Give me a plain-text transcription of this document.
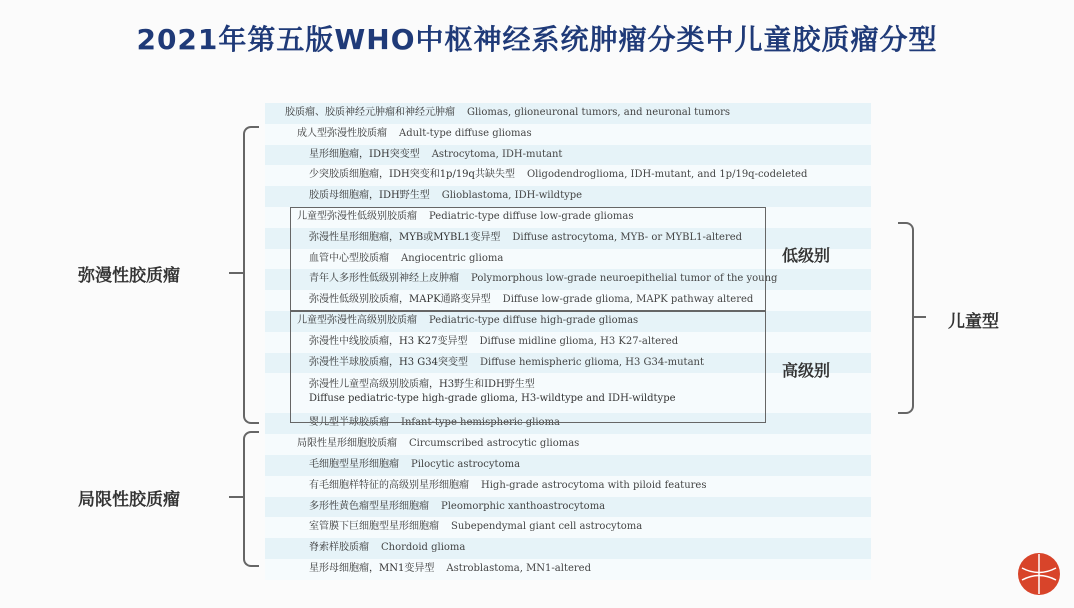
2021年第五版WHO中枢神经系统肿瘤分类中儿童胶质瘤分型
胶质瘤、胶质神经元肿瘤和神经元肿瘤 Gliomas, glioneuronal tumors, and neuronal tumors
成人型弥漫性胶质瘤 Adult-type diffuse gliomas
星形细胞瘤，IDH突变型 Astrocytoma, IDH-mutant
少突胶质细胞瘤，IDH突变和1p/19q共缺失型 Oligodendroglioma, IDH-mutant, and 1p/19q-codeleted
胶质母细胞瘤，IDH野生型 Glioblastoma, IDH-wildtype
儿童型弥漫性低级别胶质瘤 Pediatric-type diffuse low-grade gliomas
弥漫性星形细胞瘤，MYB或MYBL1变异型 Diffuse astrocytoma, MYB- or MYBL1-altered
血管中心型胶质瘤 Angiocentric glioma
青年人多形性低级别神经上皮肿瘤 Polymorphous low-grade neuroepithelial tumor of the young
弥漫性低级别胶质瘤，MAPK通路变异型 Diffuse low-grade glioma, MAPK pathway altered
儿童型弥漫性高级别胶质瘤 Pediatric-type diffuse high-grade gliomas
弥漫性中线胶质瘤，H3 K27变异型 Diffuse midline glioma, H3 K27-altered
弥漫性半球胶质瘤，H3 G34突变型 Diffuse hemispheric glioma, H3 G34-mutant
弥漫性儿童型高级别胶质瘤，H3野生和IDH野生型
Diffuse pediatric-type high-grade glioma, H3-wildtype and IDH-wildtype
婴儿型半球胶质瘤 Infant-type hemispheric glioma
局限性星形细胞胶质瘤 Circumscribed astrocytic gliomas
毛细胞型星形细胞瘤 Pilocytic astrocytoma
有毛细胞样特征的高级别星形细胞瘤 High-grade astrocytoma with piloid features
多形性黄色瘤型星形细胞瘤 Pleomorphic xanthoastrocytoma
室管膜下巨细胞型星形细胞瘤 Subependymal giant cell astrocytoma
脊索样胶质瘤 Chordoid glioma
星形母细胞瘤，MN1变异型 Astroblastoma, MN1-altered
弥漫性胶质瘤
局限性胶质瘤
低级别
高级别
儿童型
